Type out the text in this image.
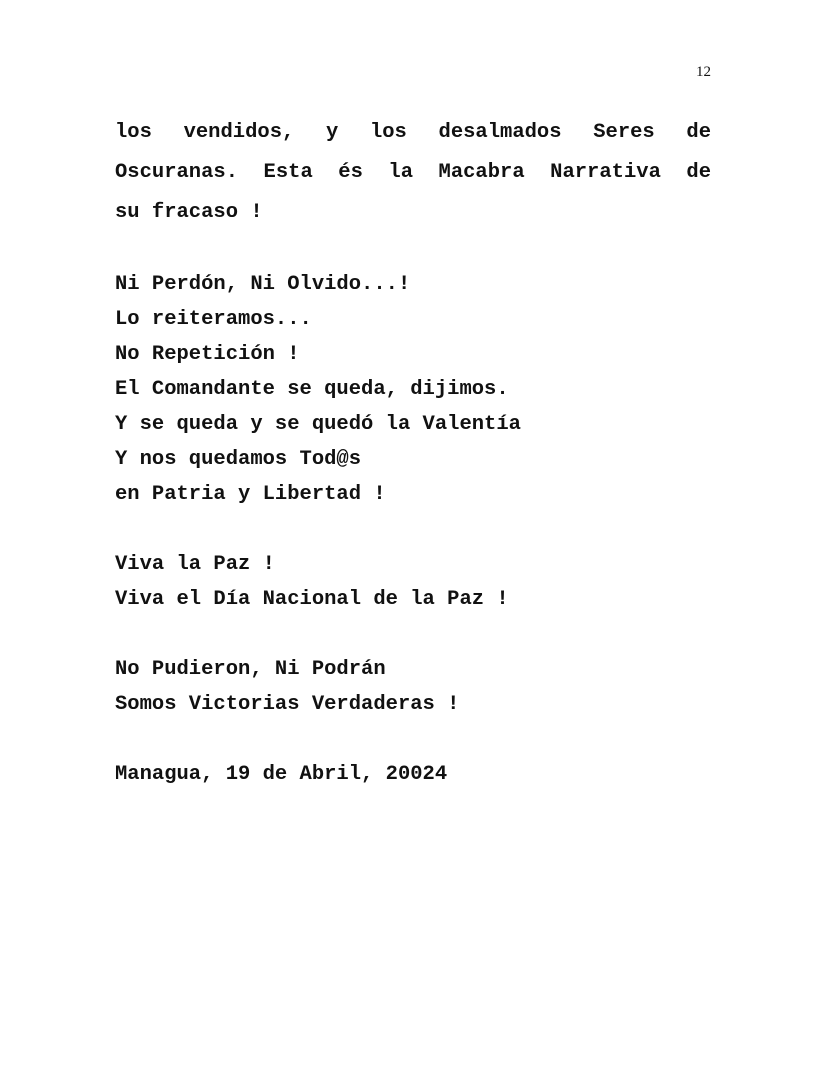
12
los vendidos, y los desalmados Seres de
Oscuranas. Esta és la Macabra Narrativa de
su fracaso !
Ni Perdón, Ni Olvido...!
Lo reiteramos...
No Repetición !
El Comandante se queda, dijimos.
Y se queda y se quedó la Valentía
Y nos quedamos Tod@s
en Patria y Libertad !
Viva la Paz !
Viva el Día Nacional de la Paz !
No Pudieron, Ni Podrán
Somos Victorias Verdaderas !
Managua, 19 de Abril, 20024
